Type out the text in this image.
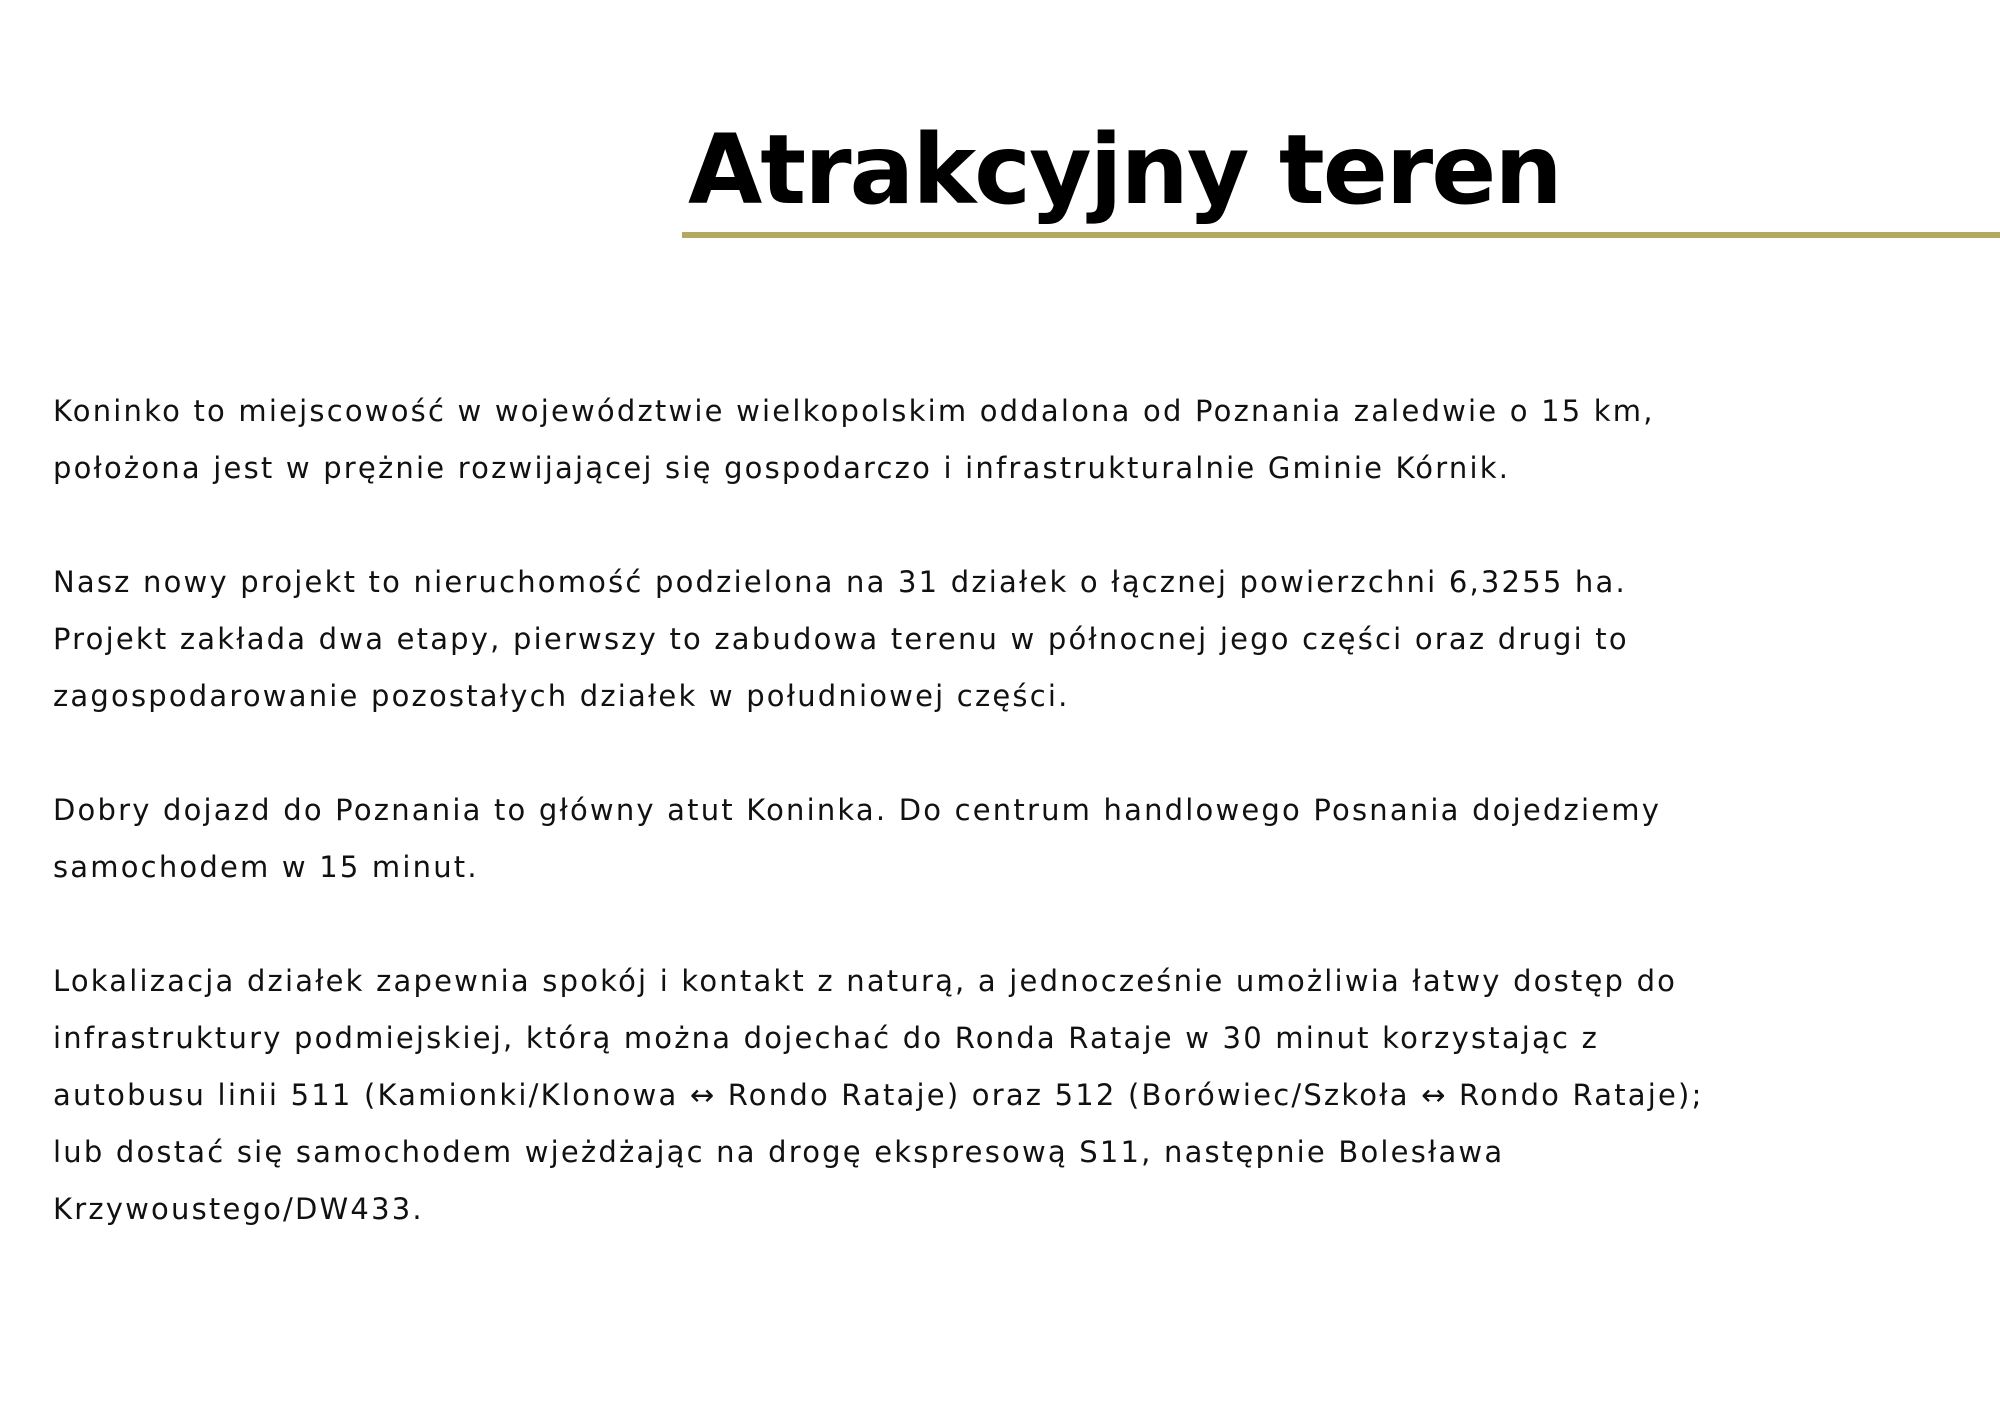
Atrakcyjny teren

Koninko to miejscowość w województwie wielkopolskim oddalona od Poznania zaledwie o 15 km,
położona jest w prężnie rozwijającej się gospodarczo i infrastrukturalnie Gminie Kórnik.

Nasz nowy projekt to nieruchomość podzielona na 31 działek o łącznej powierzchni 6,3255 ha.
Projekt zakłada dwa etapy, pierwszy to zabudowa terenu w północnej jego części oraz drugi to
zagospodarowanie pozostałych działek w południowej części.

Dobry dojazd do Poznania to główny atut Koninka. Do centrum handlowego Posnania dojedziemy
samochodem w 15 minut.

Lokalizacja działek zapewnia spokój i kontakt z naturą, a jednocześnie umożliwia łatwy dostęp do
infrastruktury podmiejskiej, którą można dojechać do Ronda Rataje w 30 minut korzystając z
autobusu linii 511 (Kamionki/Klonowa ↔ Rondo Rataje) oraz 512 (Borówiec/Szkoła ↔ Rondo Rataje);
lub dostać się samochodem wjeżdżając na drogę ekspresową S11, następnie Bolesława
Krzywoustego/DW433.
